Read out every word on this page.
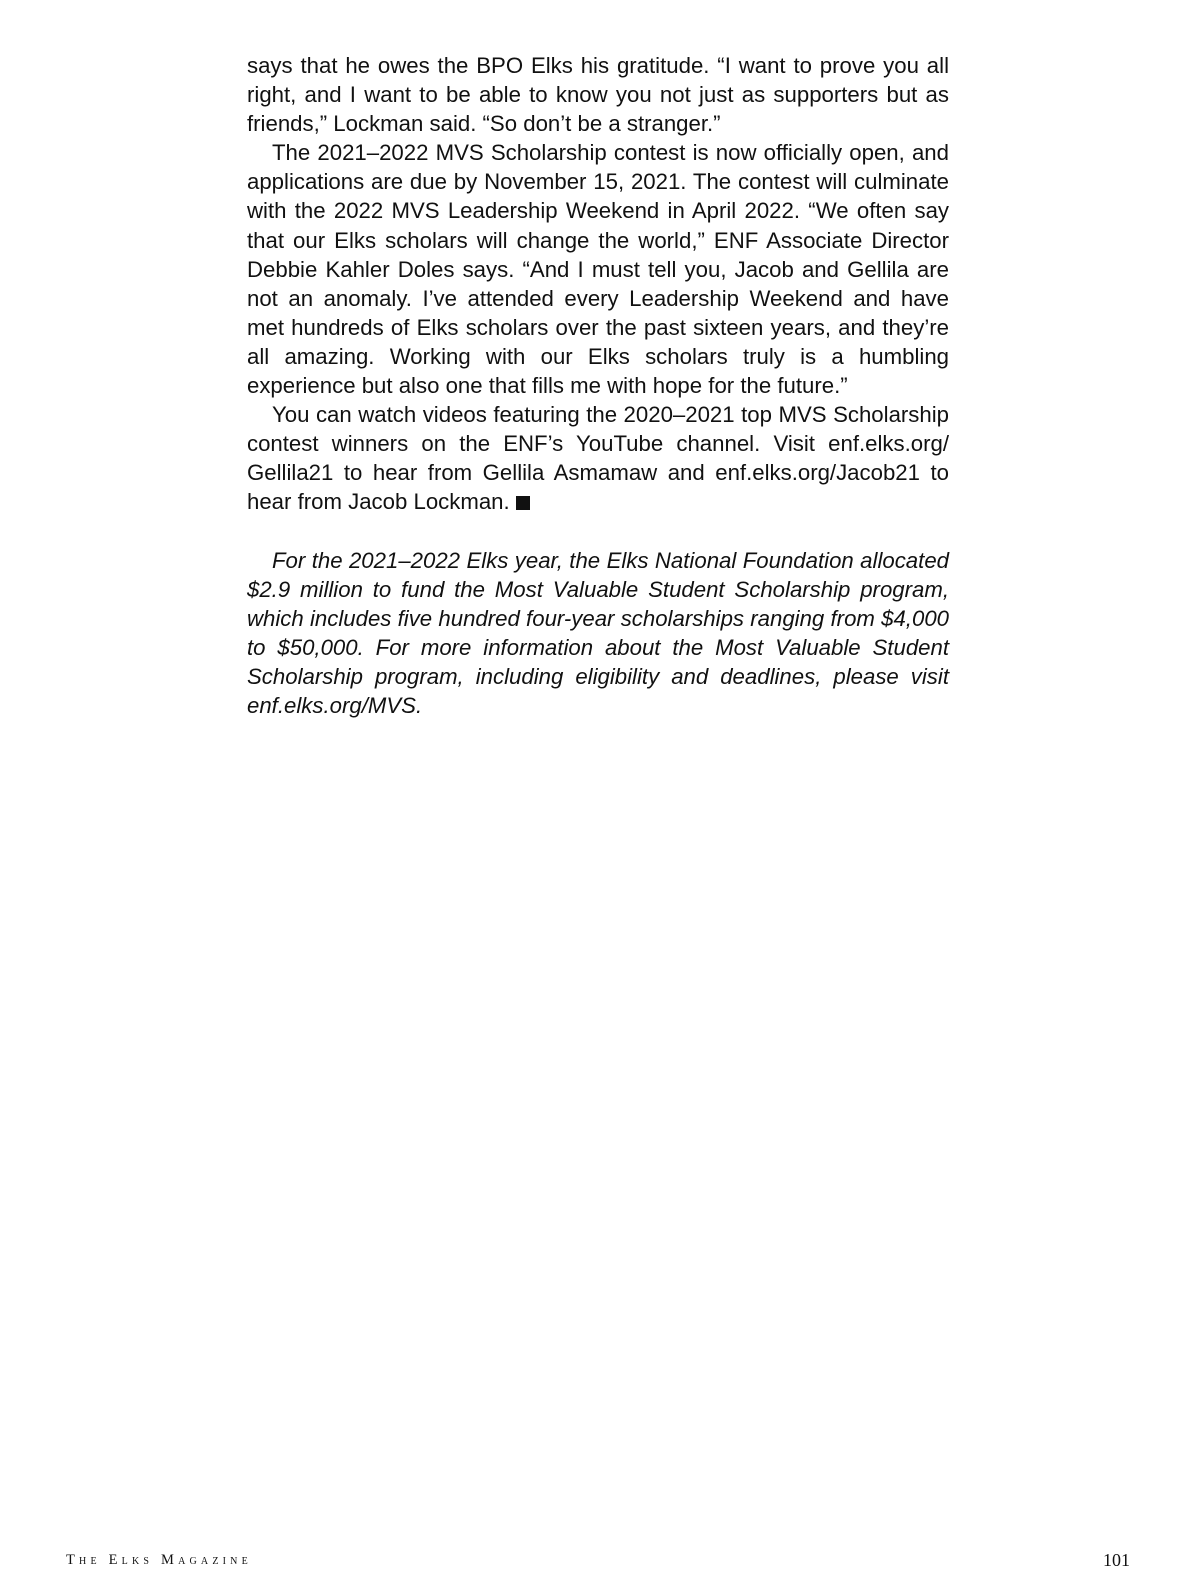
says that he owes the BPO Elks his gratitude. “I want to prove you all right, and I want to be able to know you not just as supporters but as friends,” Lockman said. “So don’t be a stranger.”

The 2021–2022 MVS Scholarship contest is now officially open, and applications are due by November 15, 2021. The contest will culminate with the 2022 MVS Leadership Weekend in April 2022. “We often say that our Elks scholars will change the world,” ENF Associate Director Debbie Kahler Doles says. “And I must tell you, Jacob and Gellila are not an anomaly. I’ve attended every Leadership Weekend and have met hundreds of Elks scholars over the past sixteen years, and they’re all amazing. Working with our Elks scholars truly is a humbling experience but also one that fills me with hope for the future.”

You can watch videos featuring the 2020–2021 top MVS Scholarship contest winners on the ENF’s YouTube channel. Visit enf.elks.org/​Gellila21 to hear from Gellila Asmamaw and enf.elks.org/Jacob21 to hear from Jacob Lockman.

For the 2021–2022 Elks year, the Elks National Foundation allocated $2.9 million to fund the Most Valuable Student Scholarship program, which includes five hundred four-year scholarships ranging from $4,000 to $50,000. For more information about the Most Valuable Student Scholarship program, including eligibility and deadlines, please visit enf.elks.org/MVS.

The Elks Magazine	101
